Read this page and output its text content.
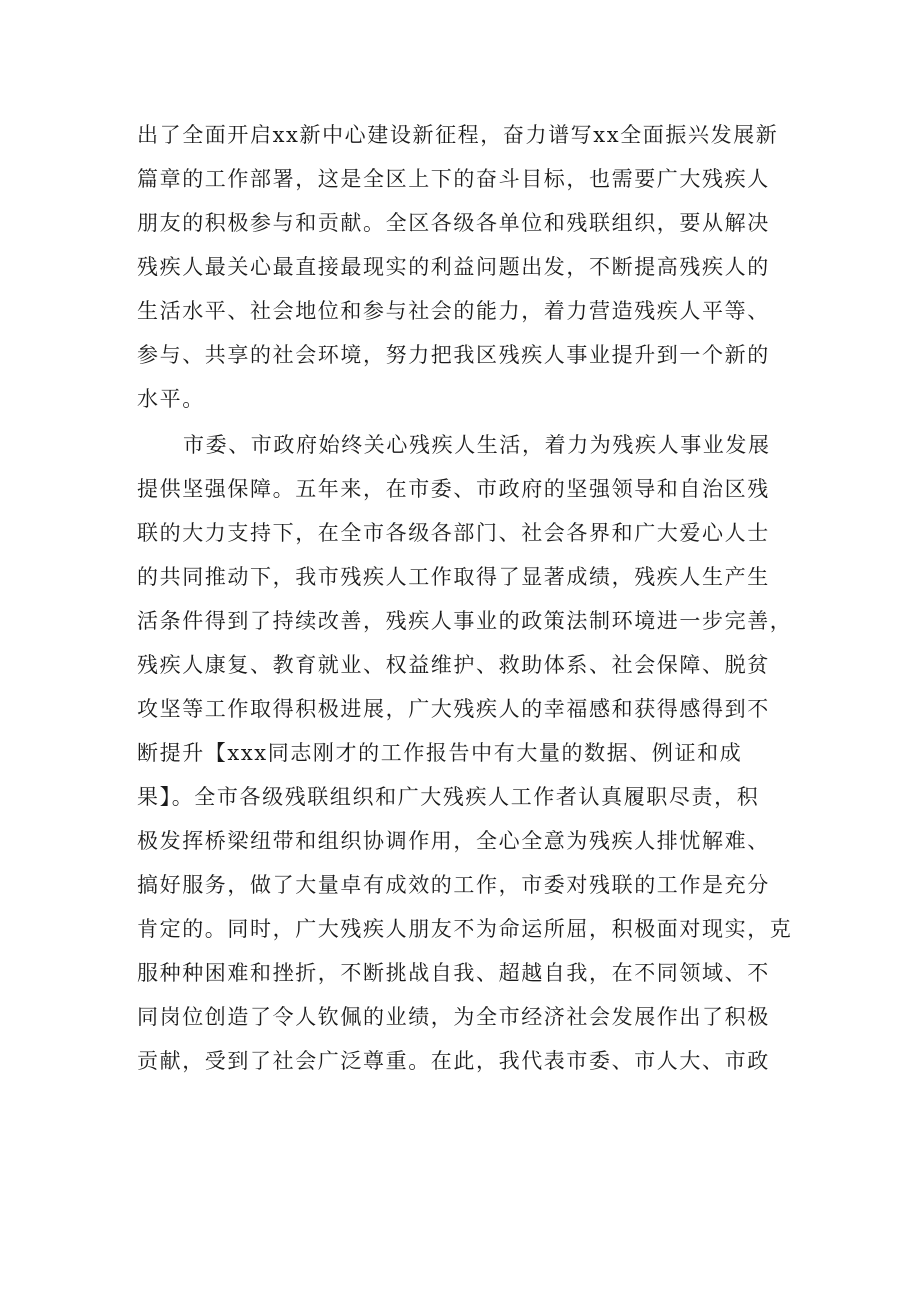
出了全面开启xx新中心建设新征程，奋力谱写xx全面振兴发展新
篇章的工作部署，这是全区上下的奋斗目标，也需要广大残疾人
朋友的积极参与和贡献。全区各级各单位和残联组织，要从解决
残疾人最关心最直接最现实的利益问题出发，不断提高残疾人的
生活水平、社会地位和参与社会的能力，着力营造残疾人平等、
参与、共享的社会环境，努力把我区残疾人事业提升到一个新的
水平。
市委、市政府始终关心残疾人生活，着力为残疾人事业发展
提供坚强保障。五年来，在市委、市政府的坚强领导和自治区残
联的大力支持下，在全市各级各部门、社会各界和广大爱心人士
的共同推动下，我市残疾人工作取得了显著成绩，残疾人生产生
活条件得到了持续改善，残疾人事业的政策法制环境进一步完善，
残疾人康复、教育就业、权益维护、救助体系、社会保障、脱贫
攻坚等工作取得积极进展，广大残疾人的幸福感和获得感得到不
断提升【xxx同志刚才的工作报告中有大量的数据、例证和成
果】。全市各级残联组织和广大残疾人工作者认真履职尽责，积
极发挥桥梁纽带和组织协调作用，全心全意为残疾人排忧解难、
搞好服务，做了大量卓有成效的工作，市委对残联的工作是充分
肯定的。同时，广大残疾人朋友不为命运所屈，积极面对现实，克
服种种困难和挫折，不断挑战自我、超越自我，在不同领域、不
同岗位创造了令人钦佩的业绩，为全市经济社会发展作出了积极
贡献，受到了社会广泛尊重。在此，我代表市委、市人大、市政
